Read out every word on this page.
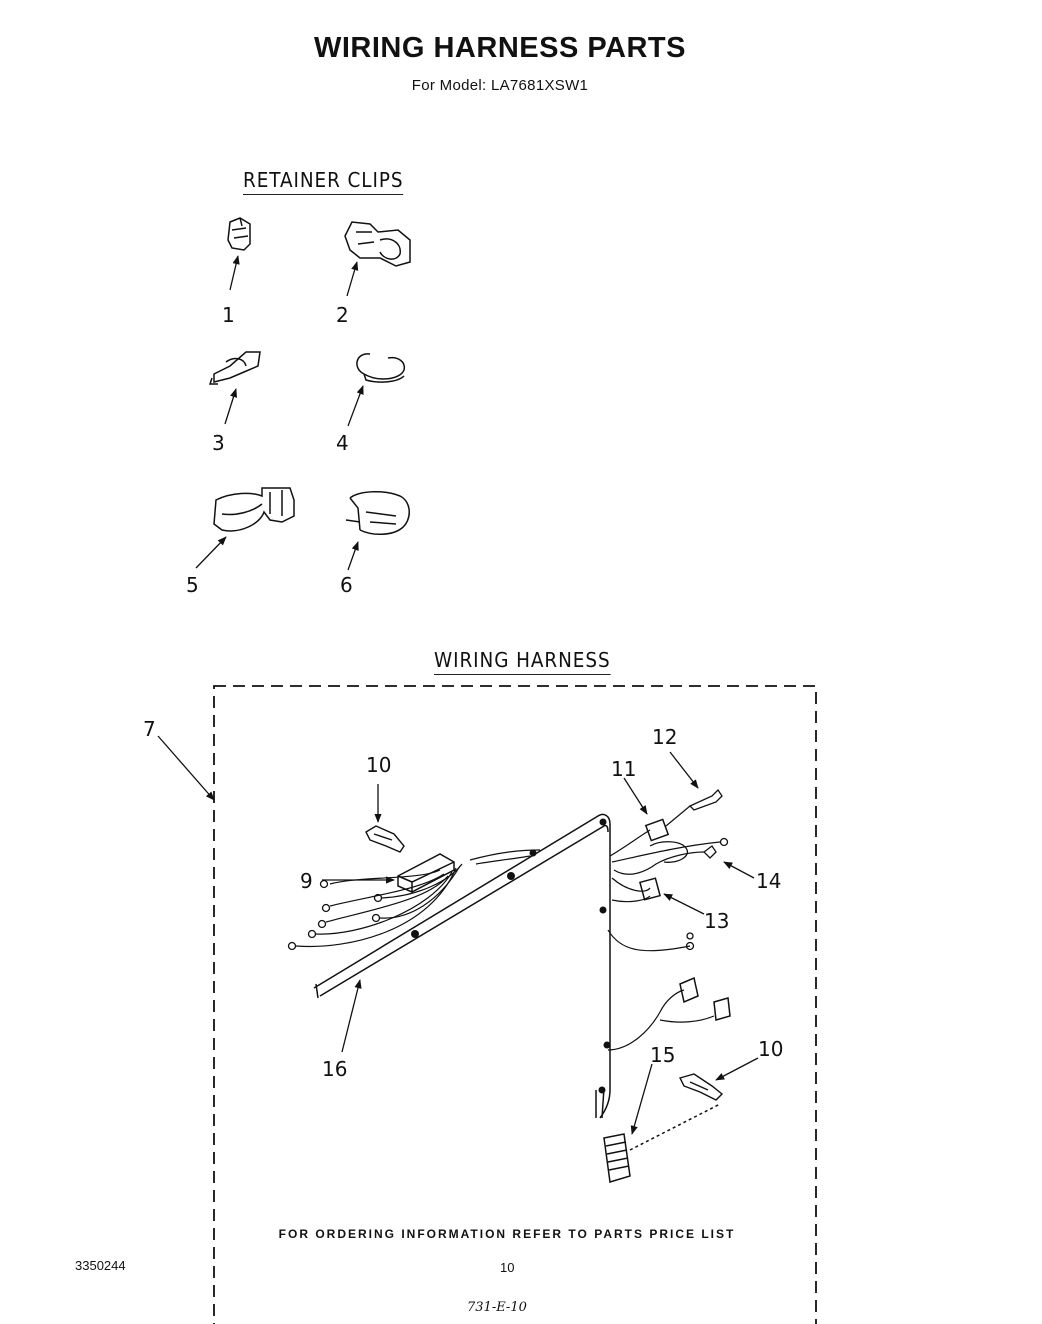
WIRING HARNESS PARTS
For Model: LA7681XSW1
RETAINER CLIPS
WIRING HARNESS
1	2
3	4
5	6
7
9
10	11
12
13
14
15	10
16
FOR ORDERING INFORMATION REFER TO PARTS PRICE LIST
3350244	10
731-E-10
